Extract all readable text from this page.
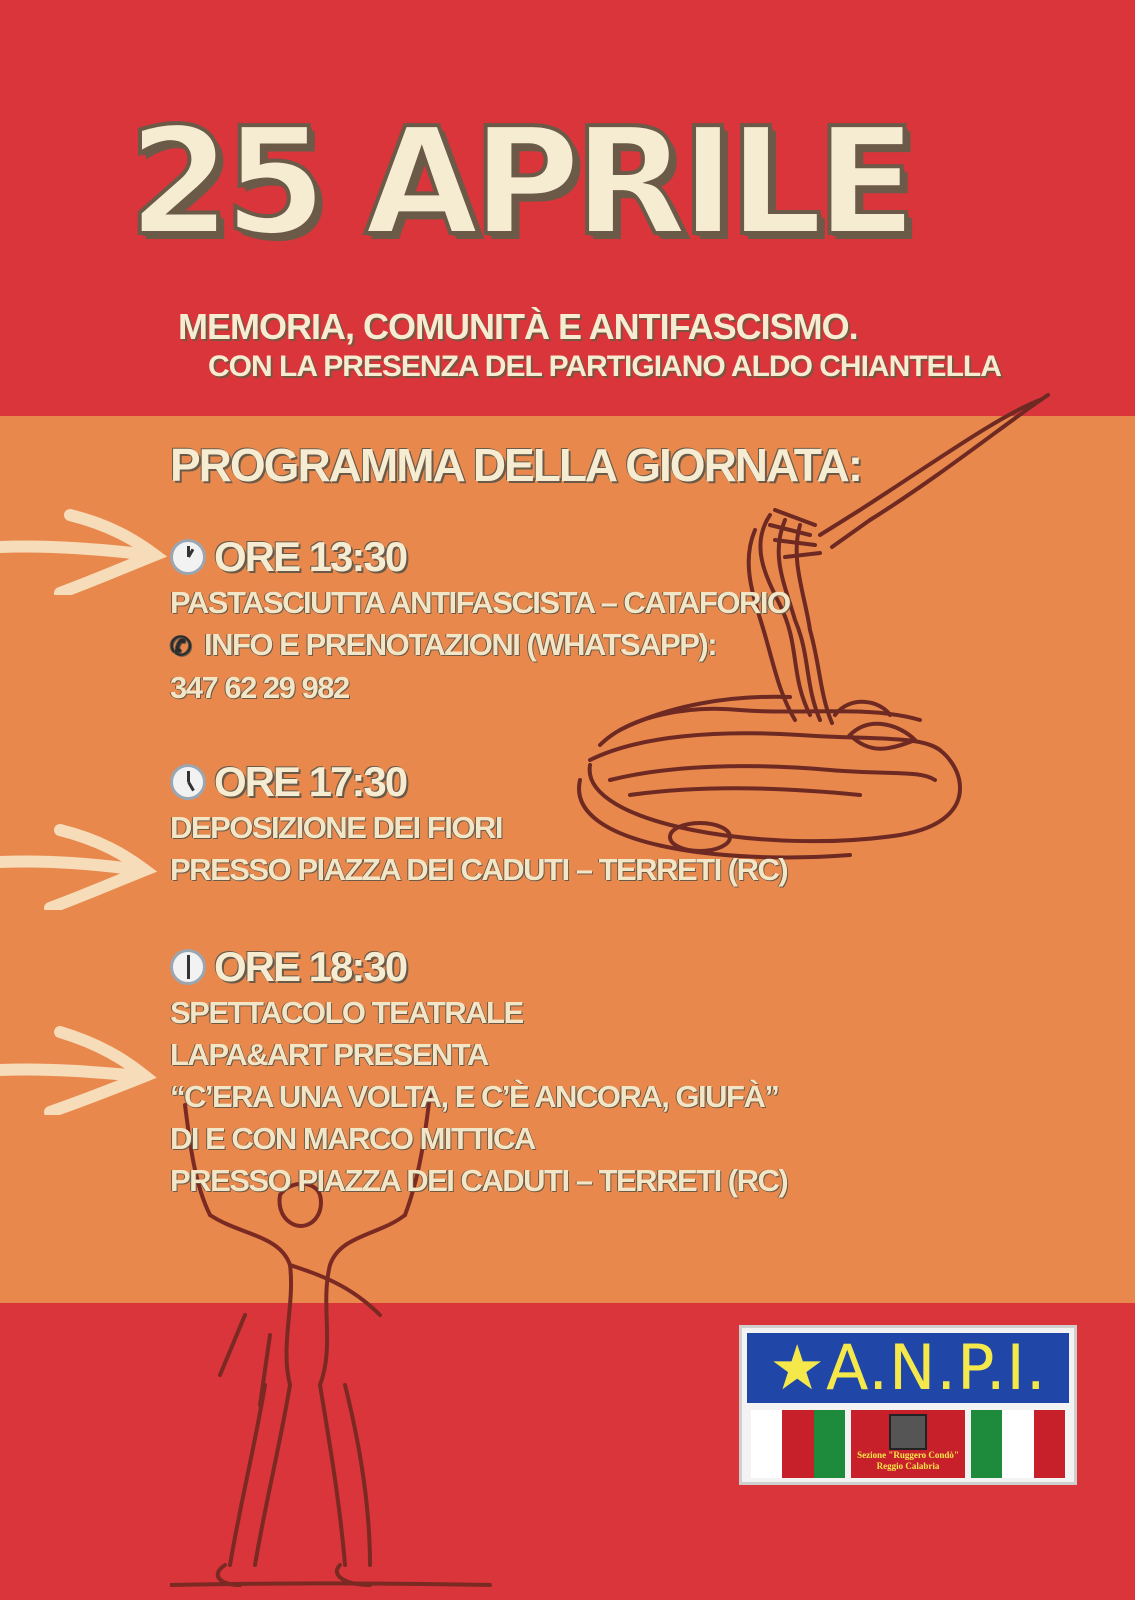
25 APRILE

MEMORIA, COMUNITÀ E ANTIFASCISMO.

CON LA PRESENZA DEL PARTIGIANO ALDO CHIANTELLA

PROGRAMMA DELLA GIORNATA:

ORE 13:30
PASTASCIUTTA ANTIFASCISTA – CATAFORIO
✆ INFO E PRENOTAZIONI (WHATSAPP):
347 62 29 982
ORE 17:30
DEPOSIZIONE DEI FIORI
PRESSO PIAZZA DEI CADUTI – TERRETI (RC)
ORE 18:30
SPETTACOLO TEATRALE
LAPA&ART PRESENTA
“C’ERA UNA VOLTA, E C’È ANCORA, GIUFÀ”
DI E CON MARCO MITTICA
PRESSO PIAZZA DEI CADUTI – TERRETI (RC)
★A.N.P.I.
Sezione "Ruggero Condò"
Reggio Calabria
